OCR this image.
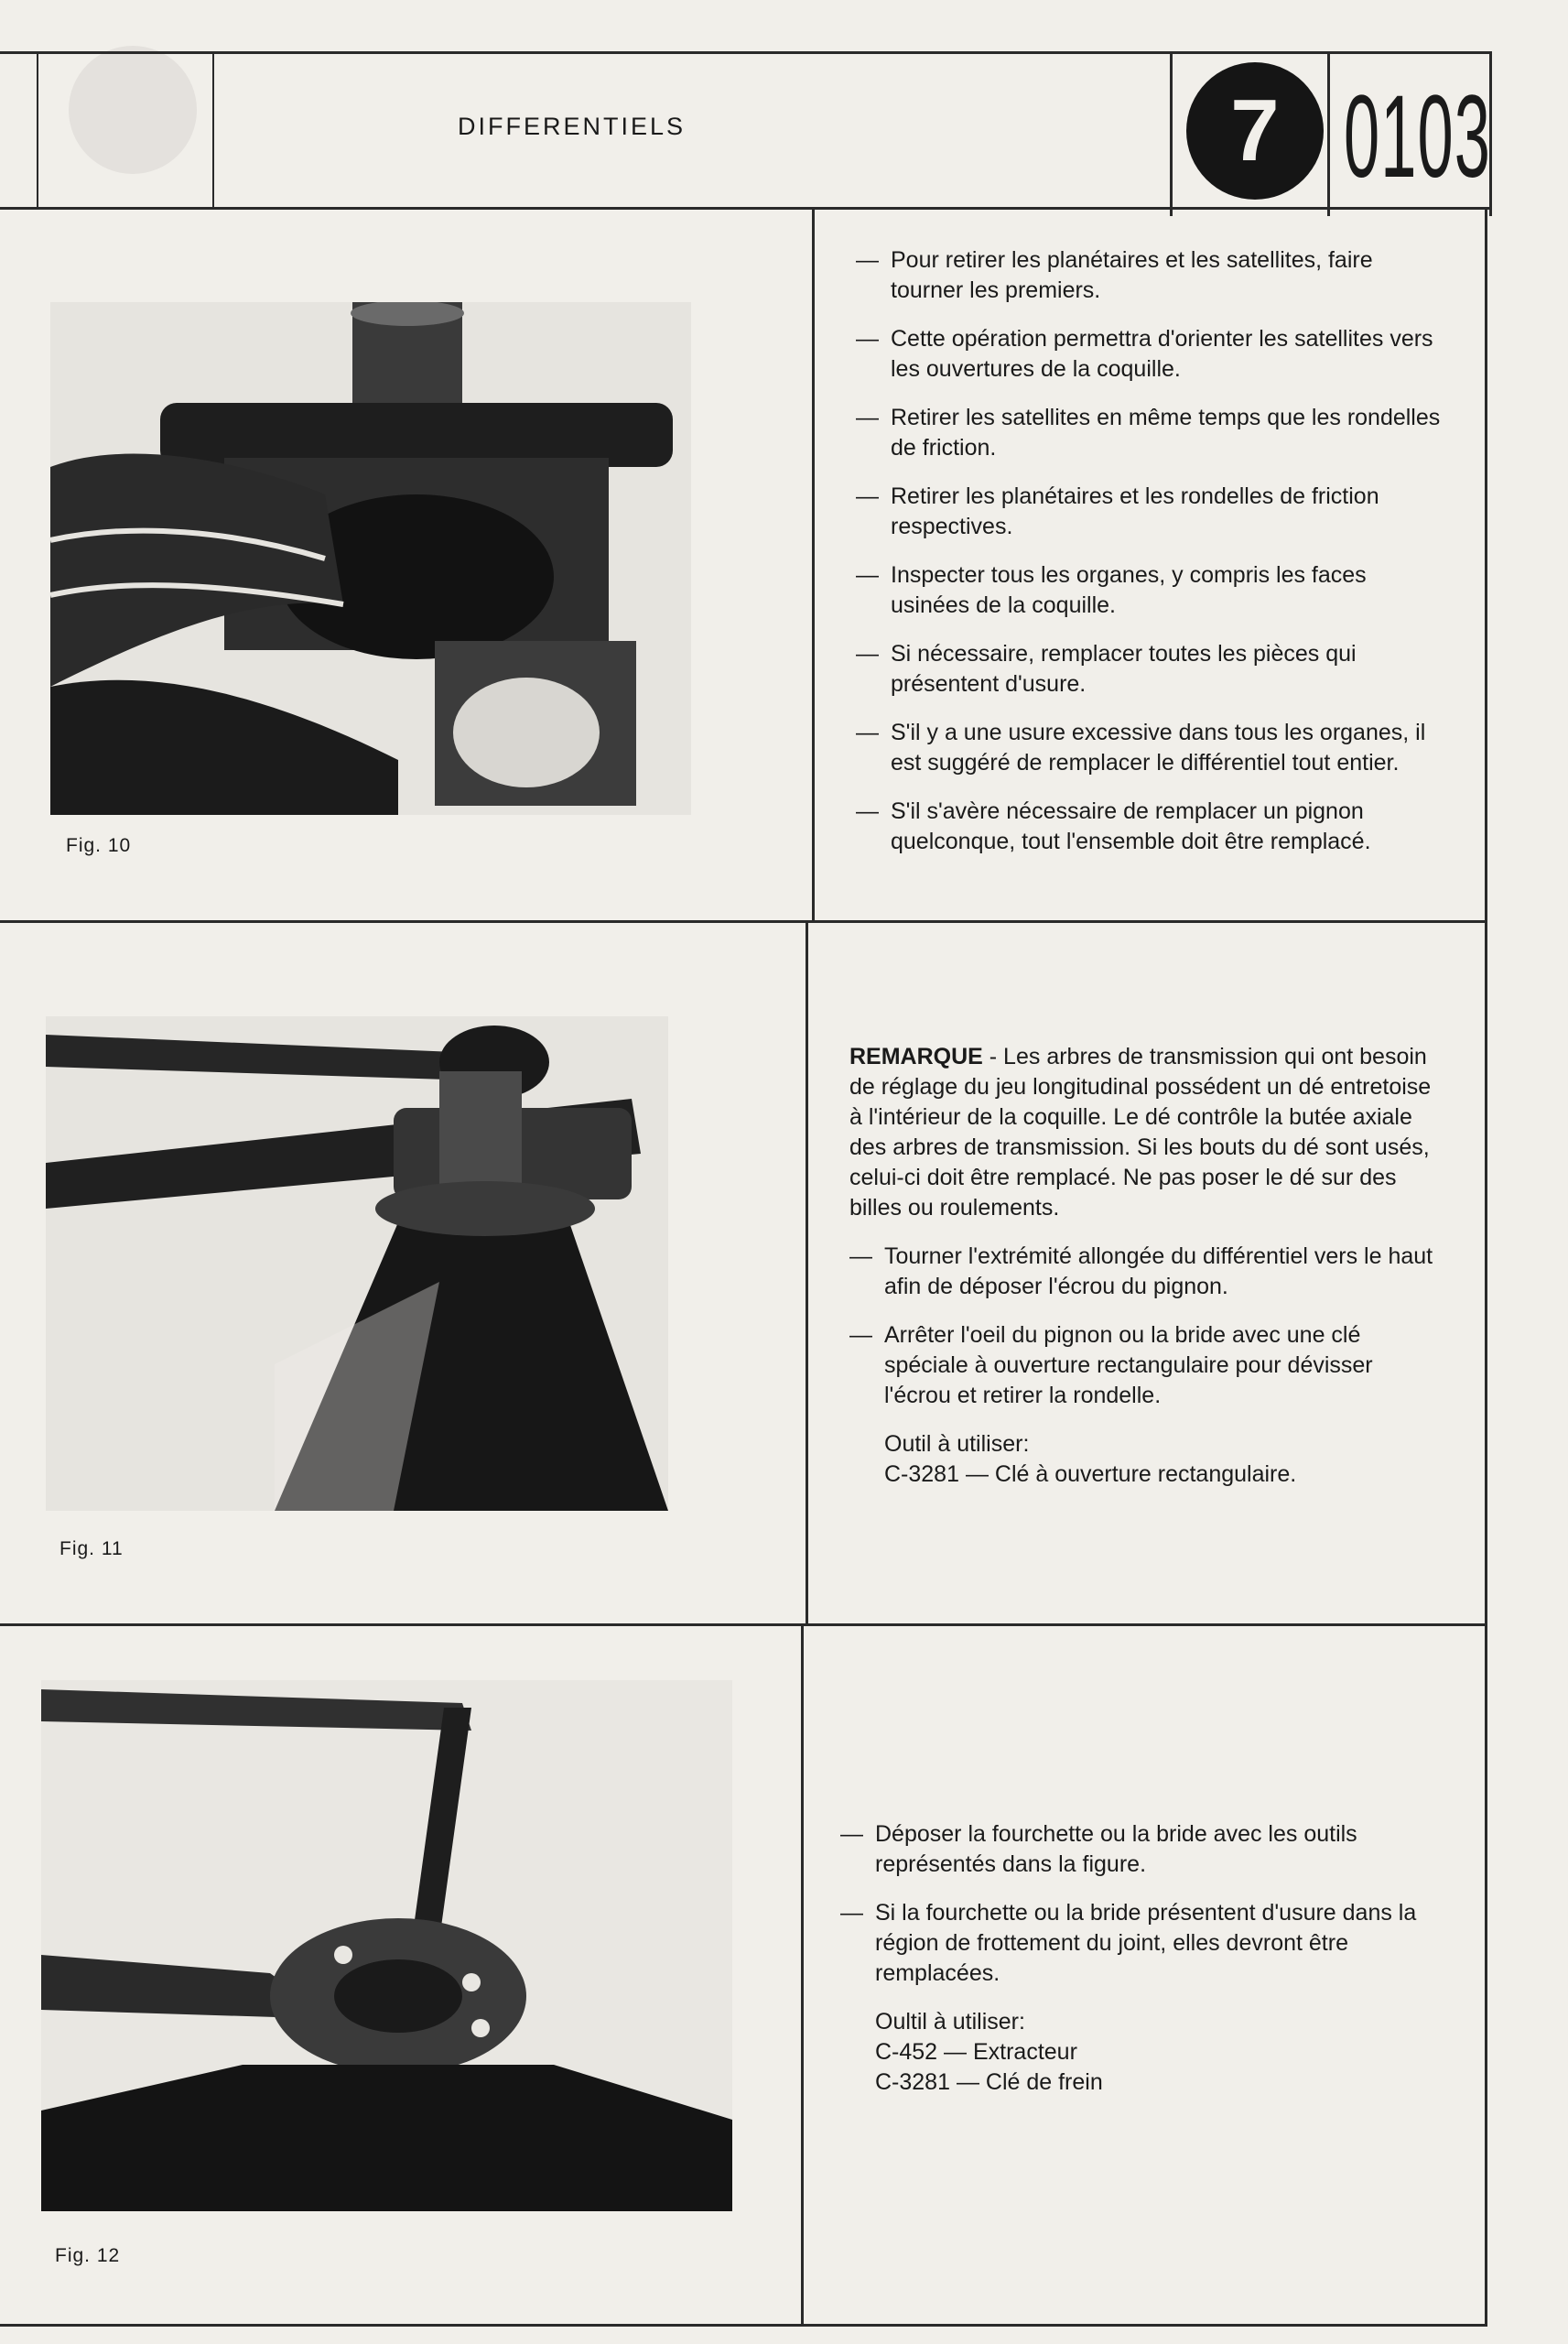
DIFFERENTIELS	7 0103
Fig. 10
— Pour retirer les planétaires et les satellites, faire tourner les premiers.
— Cette opération permettra d'orienter les satellites vers les ouvertures de la coquille.
— Retirer les satellites en même temps que les rondelles de friction.
— Retirer les planétaires et les rondelles de friction respectives.
— Inspecter tous les organes, y compris les faces usinées de la coquille.
— Si nécessaire, remplacer toutes les pièces qui présentent d'usure.
— S'il y a une usure excessive dans tous les organes, il est suggéré de remplacer le différentiel tout entier.
— S'il s'avère nécessaire de remplacer un pignon quelconque, tout l'ensemble doit être remplacé.
Fig. 11
REMARQUE - Les arbres de transmission qui ont besoin de réglage du jeu longitudinal possédent un dé entretoise à l'intérieur de la coquille. Le dé contrôle la butée axiale des arbres de transmission. Si les bouts du dé sont usés, celui-ci doit être remplacé. Ne pas poser le dé sur des billes ou roulements.
— Tourner l'extrémité allongée du différentiel vers le haut afin de déposer l'écrou du pignon.
— Arrêter l'oeil du pignon ou la bride avec une clé spéciale à ouverture rectangulaire pour dévisser l'écrou et retirer la rondelle.
Outil à utiliser:
C-3281 — Clé à ouverture rectangulaire.
Fig. 12
— Déposer la fourchette ou la bride avec les outils représentés dans la figure.
— Si la fourchette ou la bride présentent d'usure dans la région de frottement du joint, elles devront être remplacées.
Oultil à utiliser:
C-452 — Extracteur
C-3281 — Clé de frein
